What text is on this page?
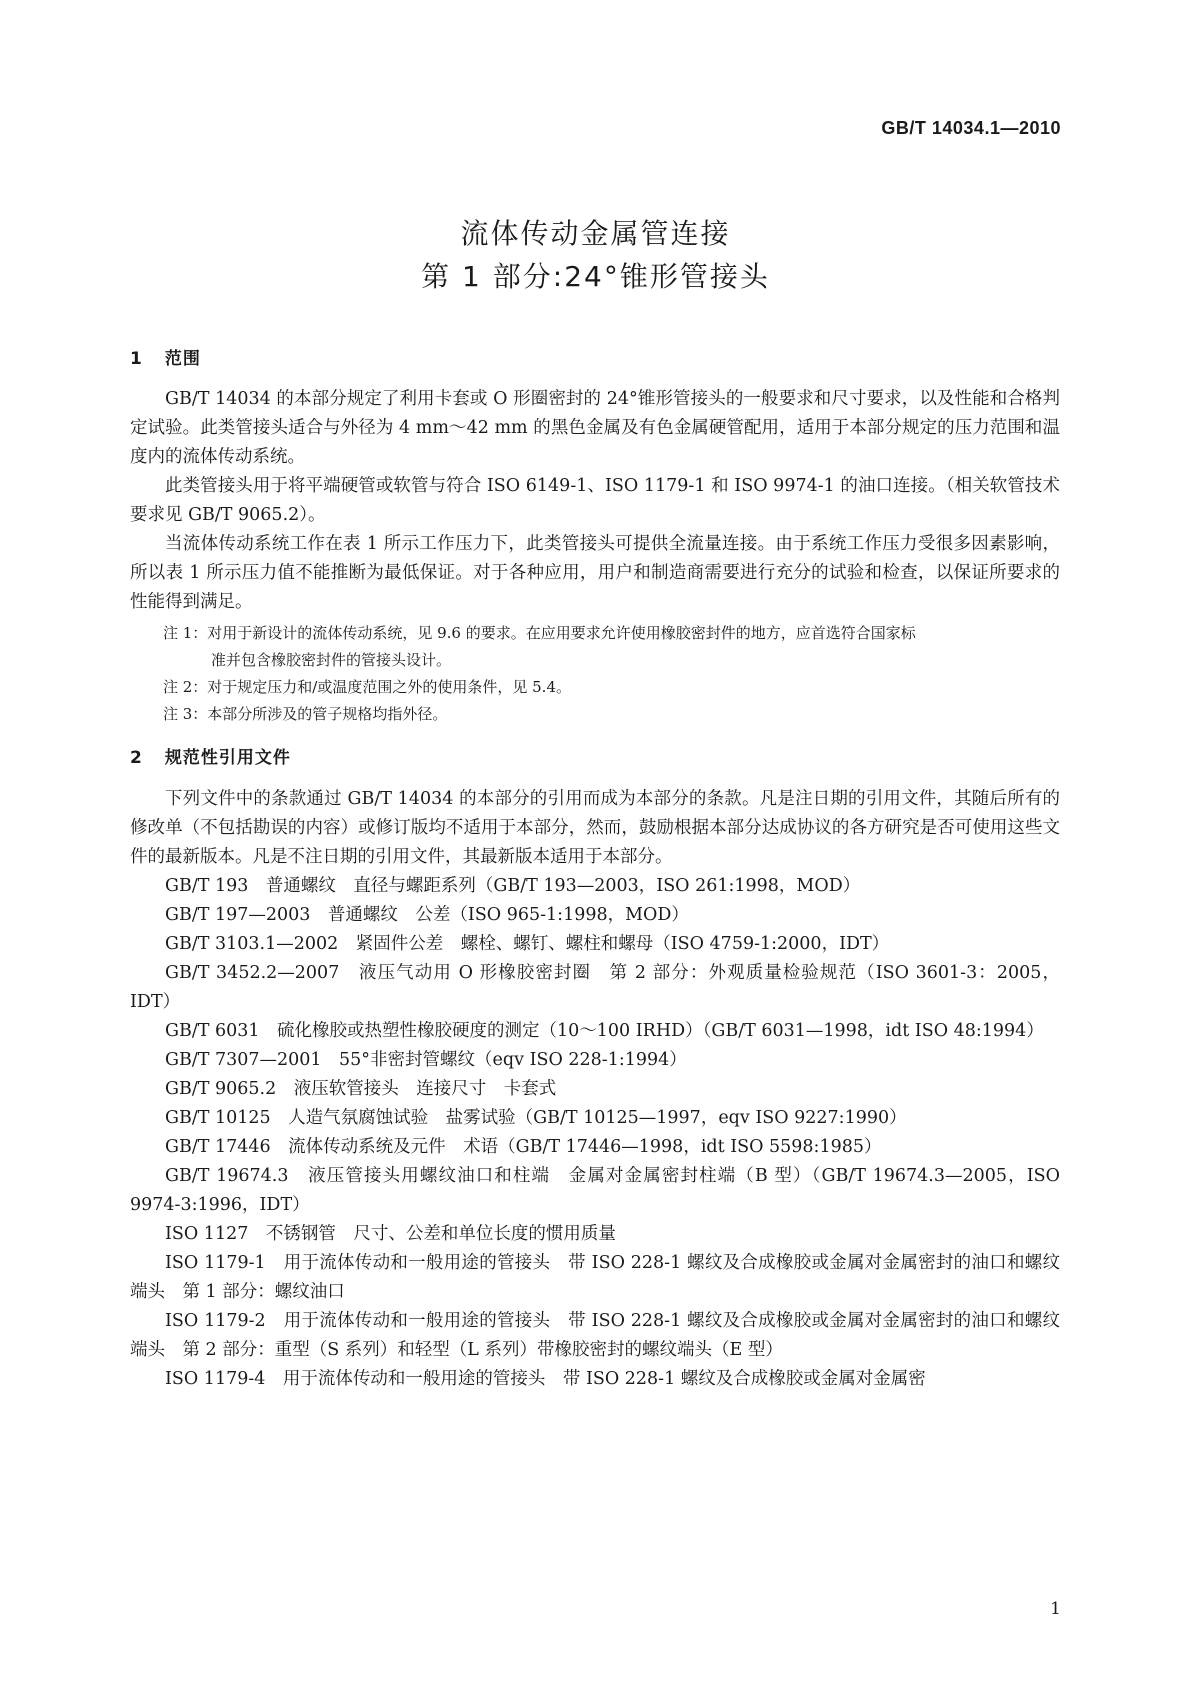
GB/T 14034.1—2010
流体传动金属管连接
第 1 部分:24°锥形管接头
1 范围

GB/T 14034 的本部分规定了利用卡套或 O 形圈密封的 24°锥形管接头的一般要求和尺寸要求，以及性能和合格判定试验。此类管接头适合与外径为 4 mm～42 mm 的黑色金属及有色金属硬管配用，适用于本部分规定的压力范围和温度内的流体传动系统。

此类管接头用于将平端硬管或软管与符合 ISO 6149-1、ISO 1179-1 和 ISO 9974-1 的油口连接。（相关软管技术要求见 GB/T 9065.2）。

当流体传动系统工作在表 1 所示工作压力下，此类管接头可提供全流量连接。由于系统工作压力受很多因素影响，所以表 1 所示压力值不能推断为最低保证。对于各种应用，用户和制造商需要进行充分的试验和检查，以保证所要求的性能得到满足。

注 1：对用于新设计的流体传动系统，见 9.6 的要求。在应用要求允许使用橡胶密封件的地方，应首选符合国家标

准并包含橡胶密封件的管接头设计。

注 2：对于规定压力和/或温度范围之外的使用条件，见 5.4。

注 3：本部分所涉及的管子规格均指外径。

2 规范性引用文件

下列文件中的条款通过 GB/T 14034 的本部分的引用而成为本部分的条款。凡是注日期的引用文件，其随后所有的修改单（不包括勘误的内容）或修订版均不适用于本部分，然而，鼓励根据本部分达成协议的各方研究是否可使用这些文件的最新版本。凡是不注日期的引用文件，其最新版本适用于本部分。

GB/T 193　普通螺纹　直径与螺距系列（GB/T 193—2003，ISO 261:1998，MOD）

GB/T 197—2003　普通螺纹　公差（ISO 965-1:1998，MOD）

GB/T 3103.1—2002　紧固件公差　螺栓、螺钉、螺柱和螺母（ISO 4759-1:2000，IDT）

GB/T 3452.2—2007　液压气动用 O 形橡胶密封圈　第 2 部分：外观质量检验规范（ISO 3601-3：2005，IDT）

GB/T 6031　硫化橡胶或热塑性橡胶硬度的测定（10～100 IRHD）（GB/T 6031—1998，idt ISO 48:1994）

GB/T 7307—2001　55°非密封管螺纹（eqv ISO 228-1:1994）

GB/T 9065.2　液压软管接头　连接尺寸　卡套式

GB/T 10125　人造气氛腐蚀试验　盐雾试验（GB/T 10125—1997，eqv ISO 9227:1990）

GB/T 17446　流体传动系统及元件　术语（GB/T 17446—1998，idt ISO 5598:1985）

GB/T 19674.3　液压管接头用螺纹油口和柱端　金属对金属密封柱端（B 型）（GB/T 19674.3—2005，ISO 9974-3:1996，IDT）

ISO 1127　不锈钢管　尺寸、公差和单位长度的惯用质量

ISO 1179-1　用于流体传动和一般用途的管接头　带 ISO 228-1 螺纹及合成橡胶或金属对金属密封的油口和螺纹端头　第 1 部分：螺纹油口

ISO 1179-2　用于流体传动和一般用途的管接头　带 ISO 228-1 螺纹及合成橡胶或金属对金属密封的油口和螺纹端头　第 2 部分：重型（S 系列）和轻型（L 系列）带橡胶密封的螺纹端头（E 型）

ISO 1179-4　用于流体传动和一般用途的管接头　带 ISO 228-1 螺纹及合成橡胶或金属对金属密

1
